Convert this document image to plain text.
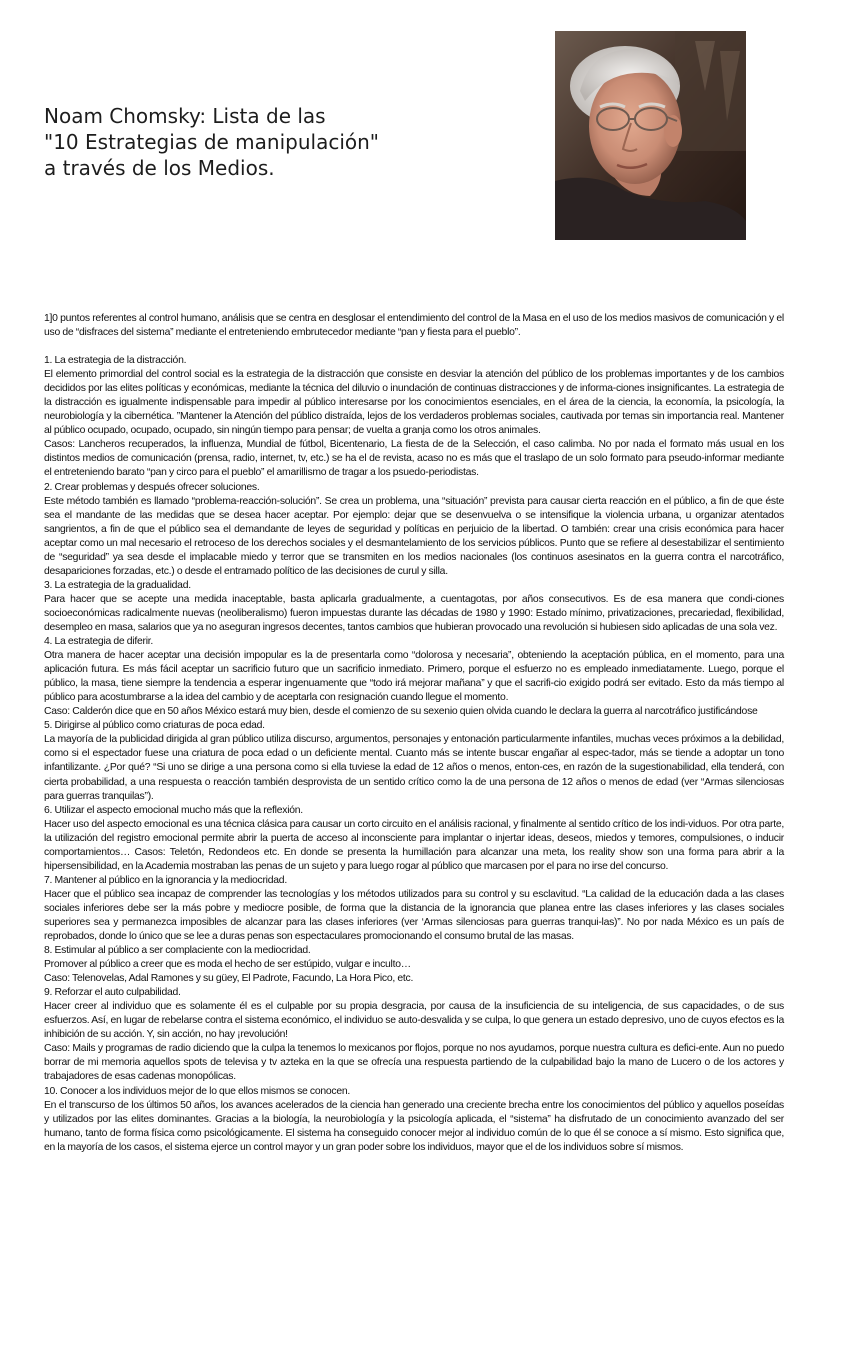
Noam Chomsky: Lista de las
"10 Estrategias de manipulación"
a través de los Medios.

1]0 puntos referentes al control humano, análisis que se centra en desglosar el entendimiento del control de la Masa en el uso de los medios masivos de comunicación y el uso de “disfraces del sistema” mediante el entreteniendo embrutecedor mediante “pan y fiesta para el pueblo”.

1. La estrategia de la distracción.

El elemento primordial del control social es la estrategia de la distracción que consiste en desviar la atención del público de los problemas importantes y de los cambios decididos por las elites políticas y económicas, mediante la técnica del diluvio o inundación de continuas distracciones y de informa-ciones insignificantes. La estrategia de la distracción es igualmente indispensable para impedir al público interesarse por los conocimientos esenciales, en el área de la ciencia, la economía, la psicología, la neurobiología y la cibernética. ”Mantener la Atención del público distraída, lejos de los verdaderos problemas sociales, cautivada por temas sin importancia real. Mantener al público ocupado, ocupado, ocupado, sin ningún tiempo para pensar; de vuelta a granja como los otros animales.

Casos: Lancheros recuperados, la influenza, Mundial de fútbol, Bicentenario, La fiesta de de la Selección, el caso calimba. No por nada el formato más usual en los distintos medios de comunicación (prensa, radio, internet, tv, etc.) se ha el de revista, acaso no es más que el traslapo de un solo formato para pseudo-informar mediante el entreteniendo barato “pan y circo para el pueblo” el amarillismo de tragar a los psuedo-periodistas.

2. Crear problemas y después ofrecer soluciones.

Este método también es llamado “problema-reacción-solución”. Se crea un problema, una “situación” prevista para causar cierta reacción en el público, a fin de que éste sea el mandante de las medidas que se desea hacer aceptar. Por ejemplo: dejar que se desenvuelva o se intensifique la violencia urbana, u organizar atentados sangrientos, a fin de que el público sea el demandante de leyes de seguridad y políticas en perjuicio de la libertad. O también: crear una crisis económica para hacer aceptar como un mal necesario el retroceso de los derechos sociales y el desmantelamiento de los servicios públicos. Punto que se refiere al desestabilizar el sentimiento de “seguridad” ya sea desde el implacable miedo y terror que se transmiten en los medios nacionales (los continuos asesinatos en la guerra contra el narcotráfico, desapariciones forzadas, etc.) o desde el entramado político de las decisiones de curul y silla.

3. La estrategia de la gradualidad.

Para hacer que se acepte una medida inaceptable, basta aplicarla gradualmente, a cuentagotas, por años consecutivos. Es de esa manera que condi-ciones socioeconómicas radicalmente nuevas (neoliberalismo) fueron impuestas durante las décadas de 1980 y 1990: Estado mínimo, privatizaciones, precariedad, flexibilidad, desempleo en masa, salarios que ya no aseguran ingresos decentes, tantos cambios que hubieran provocado una revolución si hubiesen sido aplicadas de una sola vez.

4. La estrategia de diferir.

Otra manera de hacer aceptar una decisión impopular es la de presentarla como “dolorosa y necesaria”, obteniendo la aceptación pública, en el momento, para una aplicación futura. Es más fácil aceptar un sacrificio futuro que un sacrificio inmediato. Primero, porque el esfuerzo no es empleado inmediatamente. Luego, porque el público, la masa, tiene siempre la tendencia a esperar ingenuamente que “todo irá mejorar mañana” y que el sacrifi-cio exigido podrá ser evitado. Esto da más tiempo al público para acostumbrarse a la idea del cambio y de aceptarla con resignación cuando llegue el momento.

Caso: Calderón dice que en 50 años México estará muy bien, desde el comienzo de su sexenio quien olvida cuando le declara la guerra al narcotráfico justificándose

5. Dirigirse al público como criaturas de poca edad.

La mayoría de la publicidad dirigida al gran público utiliza discurso, argumentos, personajes y entonación particularmente infantiles, muchas veces próximos a la debilidad, como si el espectador fuese una criatura de poca edad o un deficiente mental. Cuanto más se intente buscar engañar al espec-tador, más se tiende a adoptar un tono infantilizante. ¿Por qué? “Si uno se dirige a una persona como si ella tuviese la edad de 12 años o menos, enton-ces, en razón de la sugestionabilidad, ella tenderá, con cierta probabilidad, a una respuesta o reacción también desprovista de un sentido crítico como la de una persona de 12 años o menos de edad (ver “Armas silenciosas para guerras tranquilas”).

6. Utilizar el aspecto emocional mucho más que la reflexión.

Hacer uso del aspecto emocional es una técnica clásica para causar un corto circuito en el análisis racional, y finalmente al sentido crítico de los indi-viduos. Por otra parte, la utilización del registro emocional permite abrir la puerta de acceso al inconsciente para implantar o injertar ideas, deseos, miedos y temores, compulsiones, o inducir comportamientos… Casos: Teletón, Redondeos etc. En donde se presenta la humillación para alcanzar una meta, los reality show son una forma para abrir a la hipersensibilidad, en la Academia mostraban las penas de un sujeto y para luego rogar al público que marcasen por el para no irse del concurso.

7. Mantener al público en la ignorancia y la mediocridad.

Hacer que el público sea incapaz de comprender las tecnologías y los métodos utilizados para su control y su esclavitud. “La calidad de la educación dada a las clases sociales inferiores debe ser la más pobre y mediocre posible, de forma que la distancia de la ignorancia que planea entre las clases inferiores y las clases sociales superiores sea y permanezca imposibles de alcanzar para las clases inferiores (ver ‘Armas silenciosas para guerras tranqui-las)”. No por nada México es un país de reprobados, donde lo único que se lee a duras penas son espectaculares promocionando el consumo brutal de las masas.

8. Estimular al público a ser complaciente con la mediocridad.

Promover al público a creer que es moda el hecho de ser estúpido, vulgar e inculto…

Caso: Telenovelas, Adal Ramones y su güey, El Padrote, Facundo, La Hora Pico, etc.

9. Reforzar el auto culpabilidad.

Hacer creer al individuo que es solamente él es el culpable por su propia desgracia, por causa de la insuficiencia de su inteligencia, de sus capacidades, o de sus esfuerzos. Así, en lugar de rebelarse contra el sistema económico, el individuo se auto-desvalida y se culpa, lo que genera un estado depresivo, uno de cuyos efectos es la inhibición de su acción. Y, sin acción, no hay ¡revolución!

Caso: Mails y programas de radio diciendo que la culpa la tenemos lo mexicanos por flojos, porque no nos ayudamos, porque nuestra cultura es defici-ente. Aun no puedo borrar de mi memoria aquellos spots de televisa y tv azteka en la que se ofrecía una respuesta partiendo de la culpabilidad bajo la mano de Lucero o de los actores y trabajadores de esas cadenas monopólicas.

10. Conocer a los individuos mejor de lo que ellos mismos se conocen.

En el transcurso de los últimos 50 años, los avances acelerados de la ciencia han generado una creciente brecha entre los conocimientos del público y aquellos poseídas y utilizados por las elites dominantes. Gracias a la biología, la neurobiología y la psicología aplicada, el “sistema” ha disfrutado de un conocimiento avanzado del ser humano, tanto de forma física como psicológicamente. El sistema ha conseguido conocer mejor al individuo común de lo que él se conoce a sí mismo. Esto significa que, en la mayoría de los casos, el sistema ejerce un control mayor y un gran poder sobre los individuos, mayor que el de los individuos sobre sí mismos.
